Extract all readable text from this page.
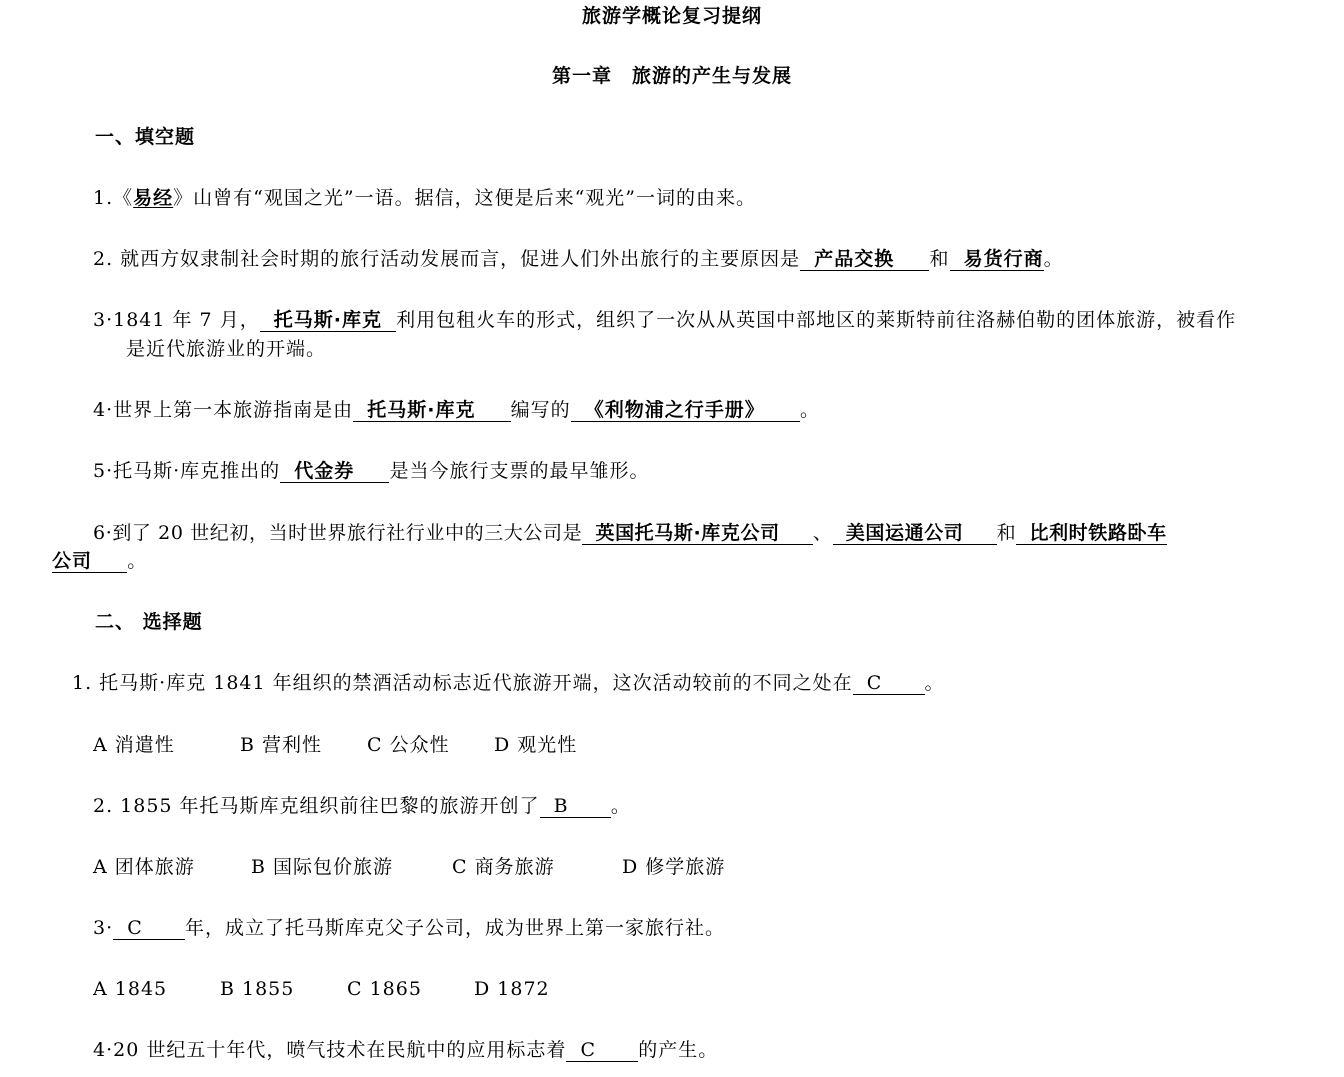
旅游学概论复习提纲
第一章　旅游的产生与发展
一、填空题
1.《易经》山曾有“观国之光”一语。据信，这便是后来“观光”一词的由来。
2. 就西方奴隶制社会时期的旅行活动发展而言，促进人们外出旅行的主要原因是 产品交换 和 易货行商。
3·1841 年 7 月， 托马斯·库克 利用包租火车的形式，组织了一次从从英国中部地区的莱斯特前往洛赫伯勒的团体旅游，被看作
是近代旅游业的开端。
4·世界上第一本旅游指南是由 托马斯·库克 编写的 《利物浦之行手册》 。
5·托马斯·库克推出的 代金券 是当今旅行支票的最早雏形。
6·到了 20 世纪初，当时世界旅行社行业中的三大公司是 英国托马斯·库克公司 、 美国运通公司 和 比利时铁路卧车
公司 。
二、 选择题
1. 托马斯·库克 1841 年组织的禁酒活动标志近代旅游开端，这次活动较前的不同之处在 C 。
A 消遣性	B 营利性 C 公众性 D 观光性
2. 1855 年托马斯库克组织前往巴黎的旅游开创了 B 。
A 团体旅游	B 国际包价旅游	C 商务旅游	D 修学旅游
3· C 年，成立了托马斯库克父子公司，成为世界上第一家旅行社。
A 1845	B 1855	C 1865	D 1872
4·20 世纪五十年代，喷气技术在民航中的应用标志着 C 的产生。
